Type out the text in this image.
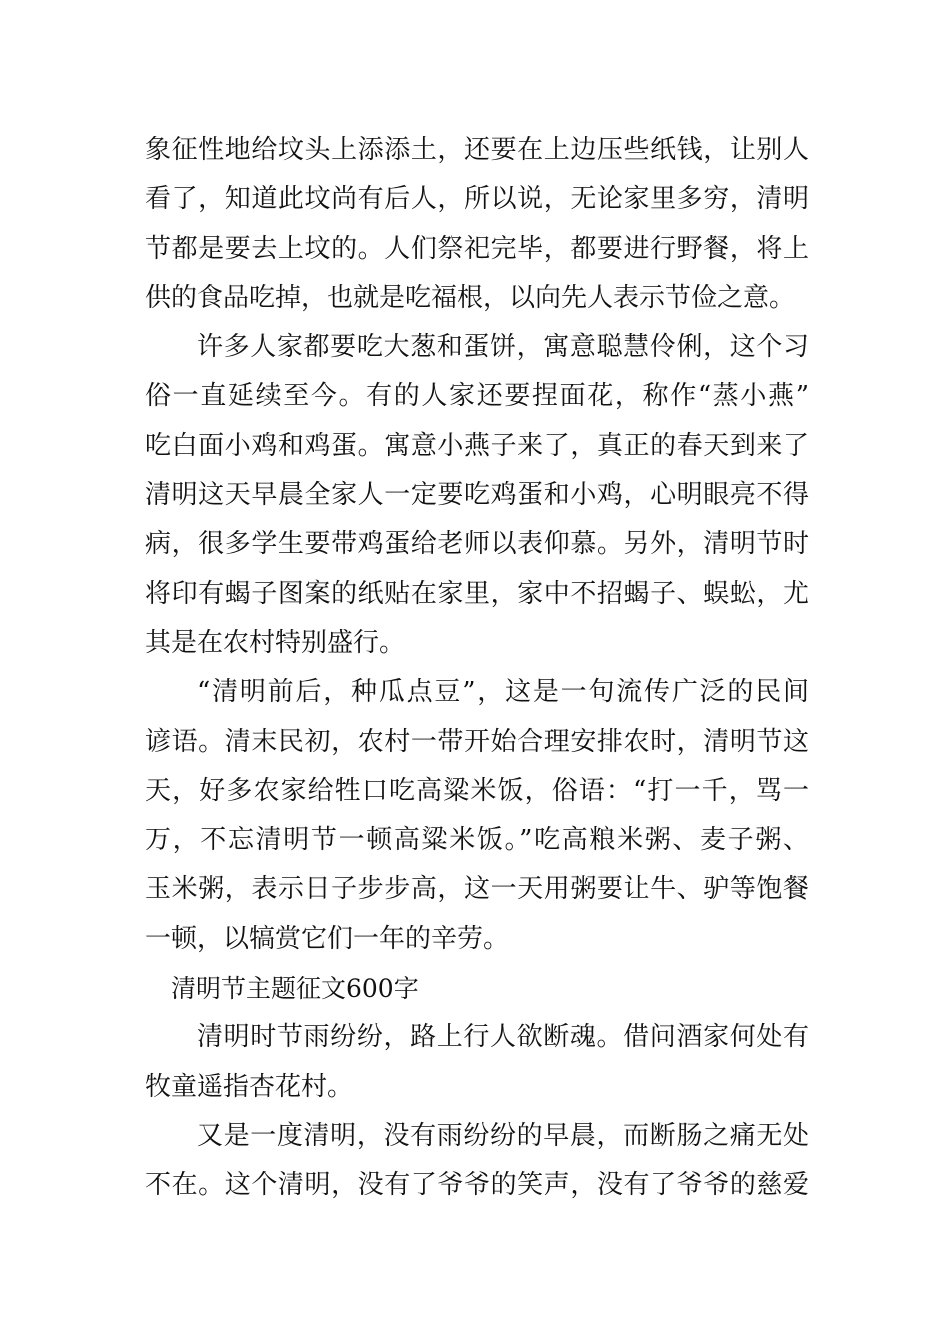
象征性地给坟头上添添土，还要在上边压些纸钱，让别人
看了，知道此坟尚有后人，所以说，无论家里多穷，清明
节都是要去上坟的。人们祭祀完毕，都要进行野餐，将上
供的食品吃掉，也就是吃福根，以向先人表示节俭之意。
许多人家都要吃大葱和蛋饼，寓意聪慧伶俐，这个习
俗一直延续至今。有的人家还要捏面花，称作“蒸小燕”
吃白面小鸡和鸡蛋。寓意小燕子来了，真正的春天到来了
清明这天早晨全家人一定要吃鸡蛋和小鸡，心明眼亮不得
病，很多学生要带鸡蛋给老师以表仰慕。另外，清明节时
将印有蝎子图案的纸贴在家里，家中不招蝎子、蜈蚣，尤
其是在农村特别盛行。
“清明前后，种瓜点豆”，这是一句流传广泛的民间
谚语。清末民初，农村一带开始合理安排农时，清明节这
天，好多农家给牲口吃高粱米饭，俗语：“打一千，骂一
万，不忘清明节一顿高粱米饭。”吃高粮米粥、麦子粥、
玉米粥，表示日子步步高，这一天用粥要让牛、驴等饱餐
一顿，以犒赏它们一年的辛劳。
清明节主题征文600字
清明时节雨纷纷，路上行人欲断魂。借问酒家何处有
牧童遥指杏花村。
又是一度清明，没有雨纷纷的早晨，而断肠之痛无处
不在。这个清明，没有了爷爷的笑声，没有了爷爷的慈爱
